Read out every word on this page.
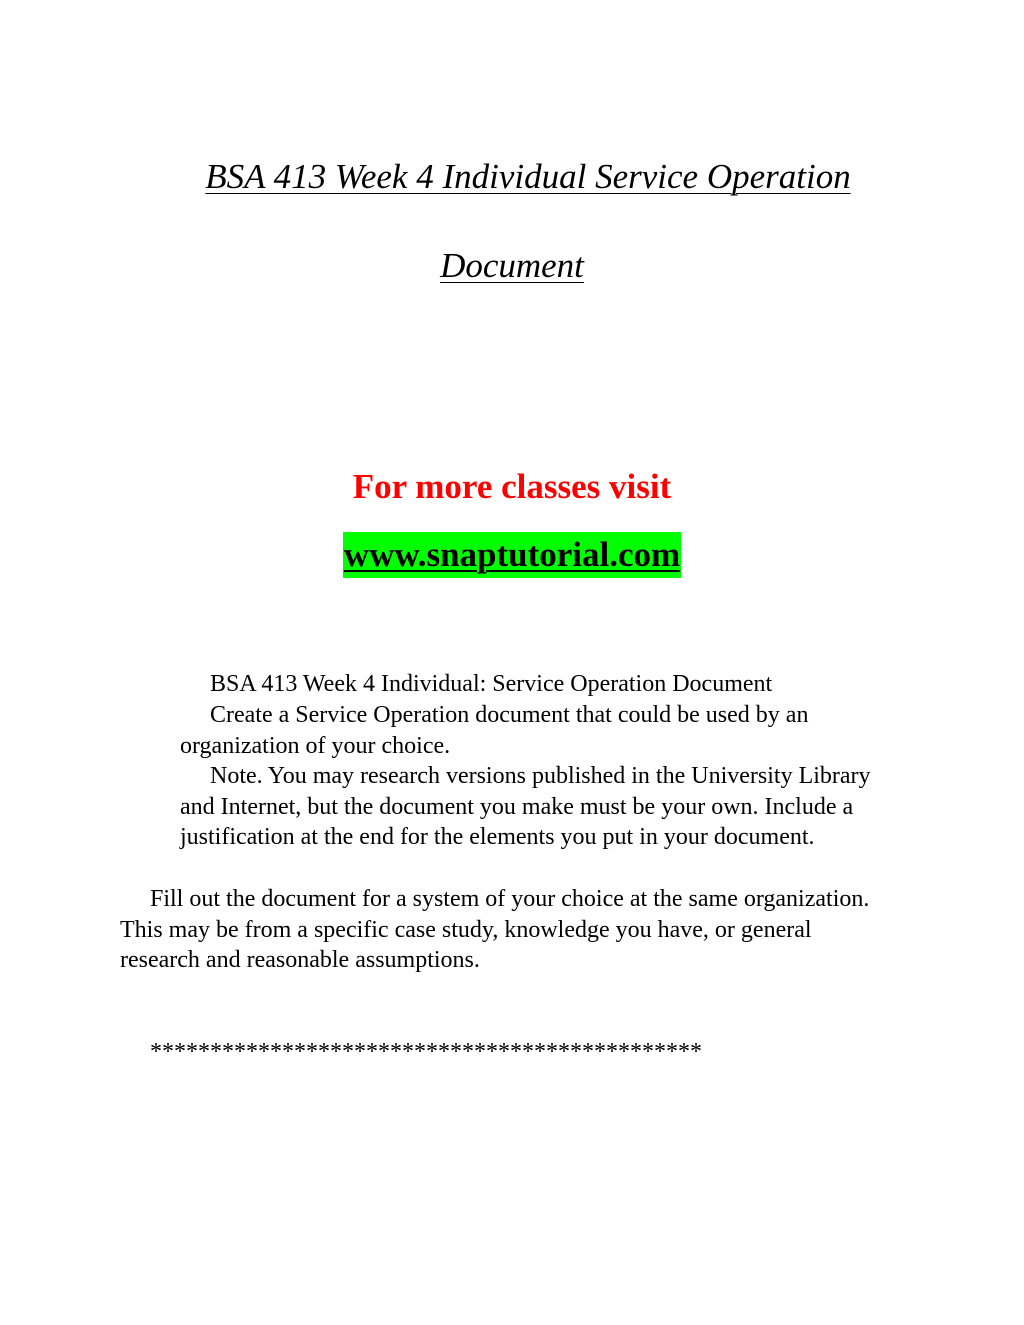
BSA 413 Week 4 Individual Service Operation
Document

For more classes visit

www.snaptutorial.com

BSA 413 Week 4 Individual: Service Operation Document

Create a Service Operation document that could be used by an organization of your choice.

Note. You may research versions published in the University Library and Internet, but the document you make must be your own. Include a justification at the end for the elements you put in your document.

Fill out the document for a system of your choice at the same organization. This may be from a specific case study, knowledge you have, or general research and reasonable assumptions.

**********************************************
